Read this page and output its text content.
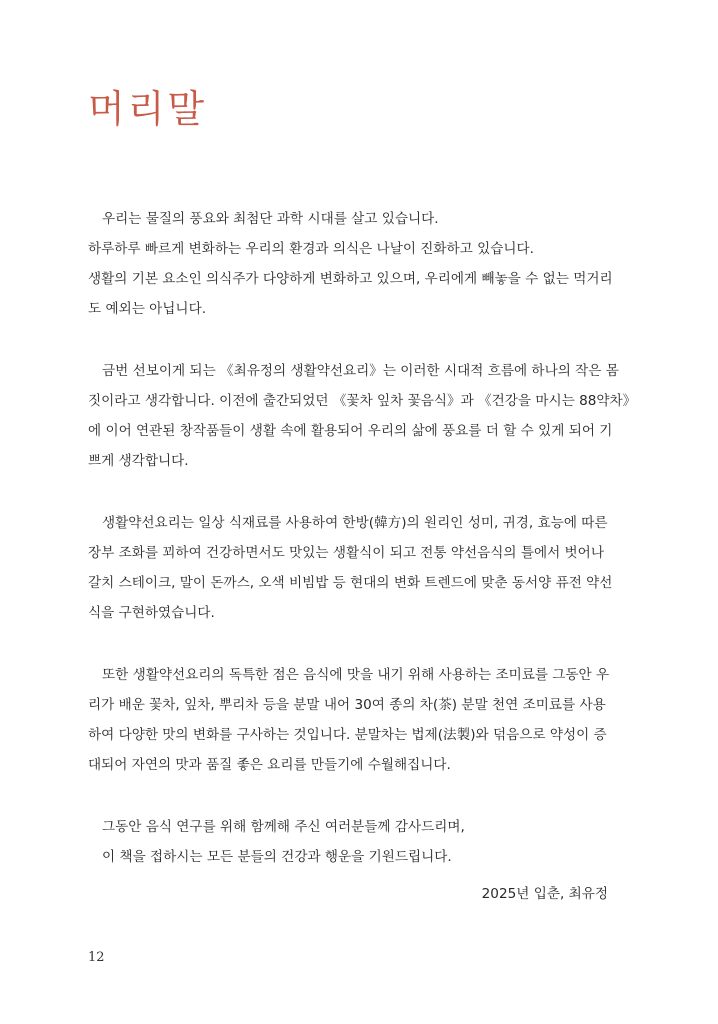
머리말

우리는 물질의 풍요와 최첨단 과학 시대를 살고 있습니다.
하루하루 빠르게 변화하는 우리의 환경과 의식은 나날이 진화하고 있습니다.
생활의 기본 요소인 의식주가 다양하게 변화하고 있으며, 우리에게 빼놓을 수 없는 먹거리
도 예외는 아닙니다.

금번 선보이게 되는 《최유정의 생활약선요리》는 이러한 시대적 흐름에 하나의 작은 몸
짓이라고 생각합니다. 이전에 출간되었던 《꽃차 잎차 꽃음식》과 《건강을 마시는 88약차》
에 이어 연관된 창작품들이 생활 속에 활용되어 우리의 삶에 풍요를 더 할 수 있게 되어 기
쁘게 생각합니다.

생활약선요리는 일상 식재료를 사용하여 한방(韓方)의 원리인 성미, 귀경, 효능에 따른
장부 조화를 꾀하여 건강하면서도 맛있는 생활식이 되고 전통 약선음식의 틀에서 벗어나
갈치 스테이크, 말이 돈까스, 오색 비빔밥 등 현대의 변화 트렌드에 맞춘 동서양 퓨전 약선
식을 구현하였습니다.

또한 생활약선요리의 독특한 점은 음식에 맛을 내기 위해 사용하는 조미료를 그동안 우
리가 배운 꽃차, 잎차, 뿌리차 등을 분말 내어 30여 종의 차(茶) 분말 천연 조미료를 사용
하여 다양한 맛의 변화를 구사하는 것입니다. 분말차는 법제(法製)와 덖음으로 약성이 증
대되어 자연의 맛과 품질 좋은 요리를 만들기에 수월해집니다.

그동안 음식 연구를 위해 함께해 주신 여러분들께 감사드리며,
이 책을 접하시는 모든 분들의 건강과 행운을 기원드립니다.

2025년 입춘, 최유정
12
